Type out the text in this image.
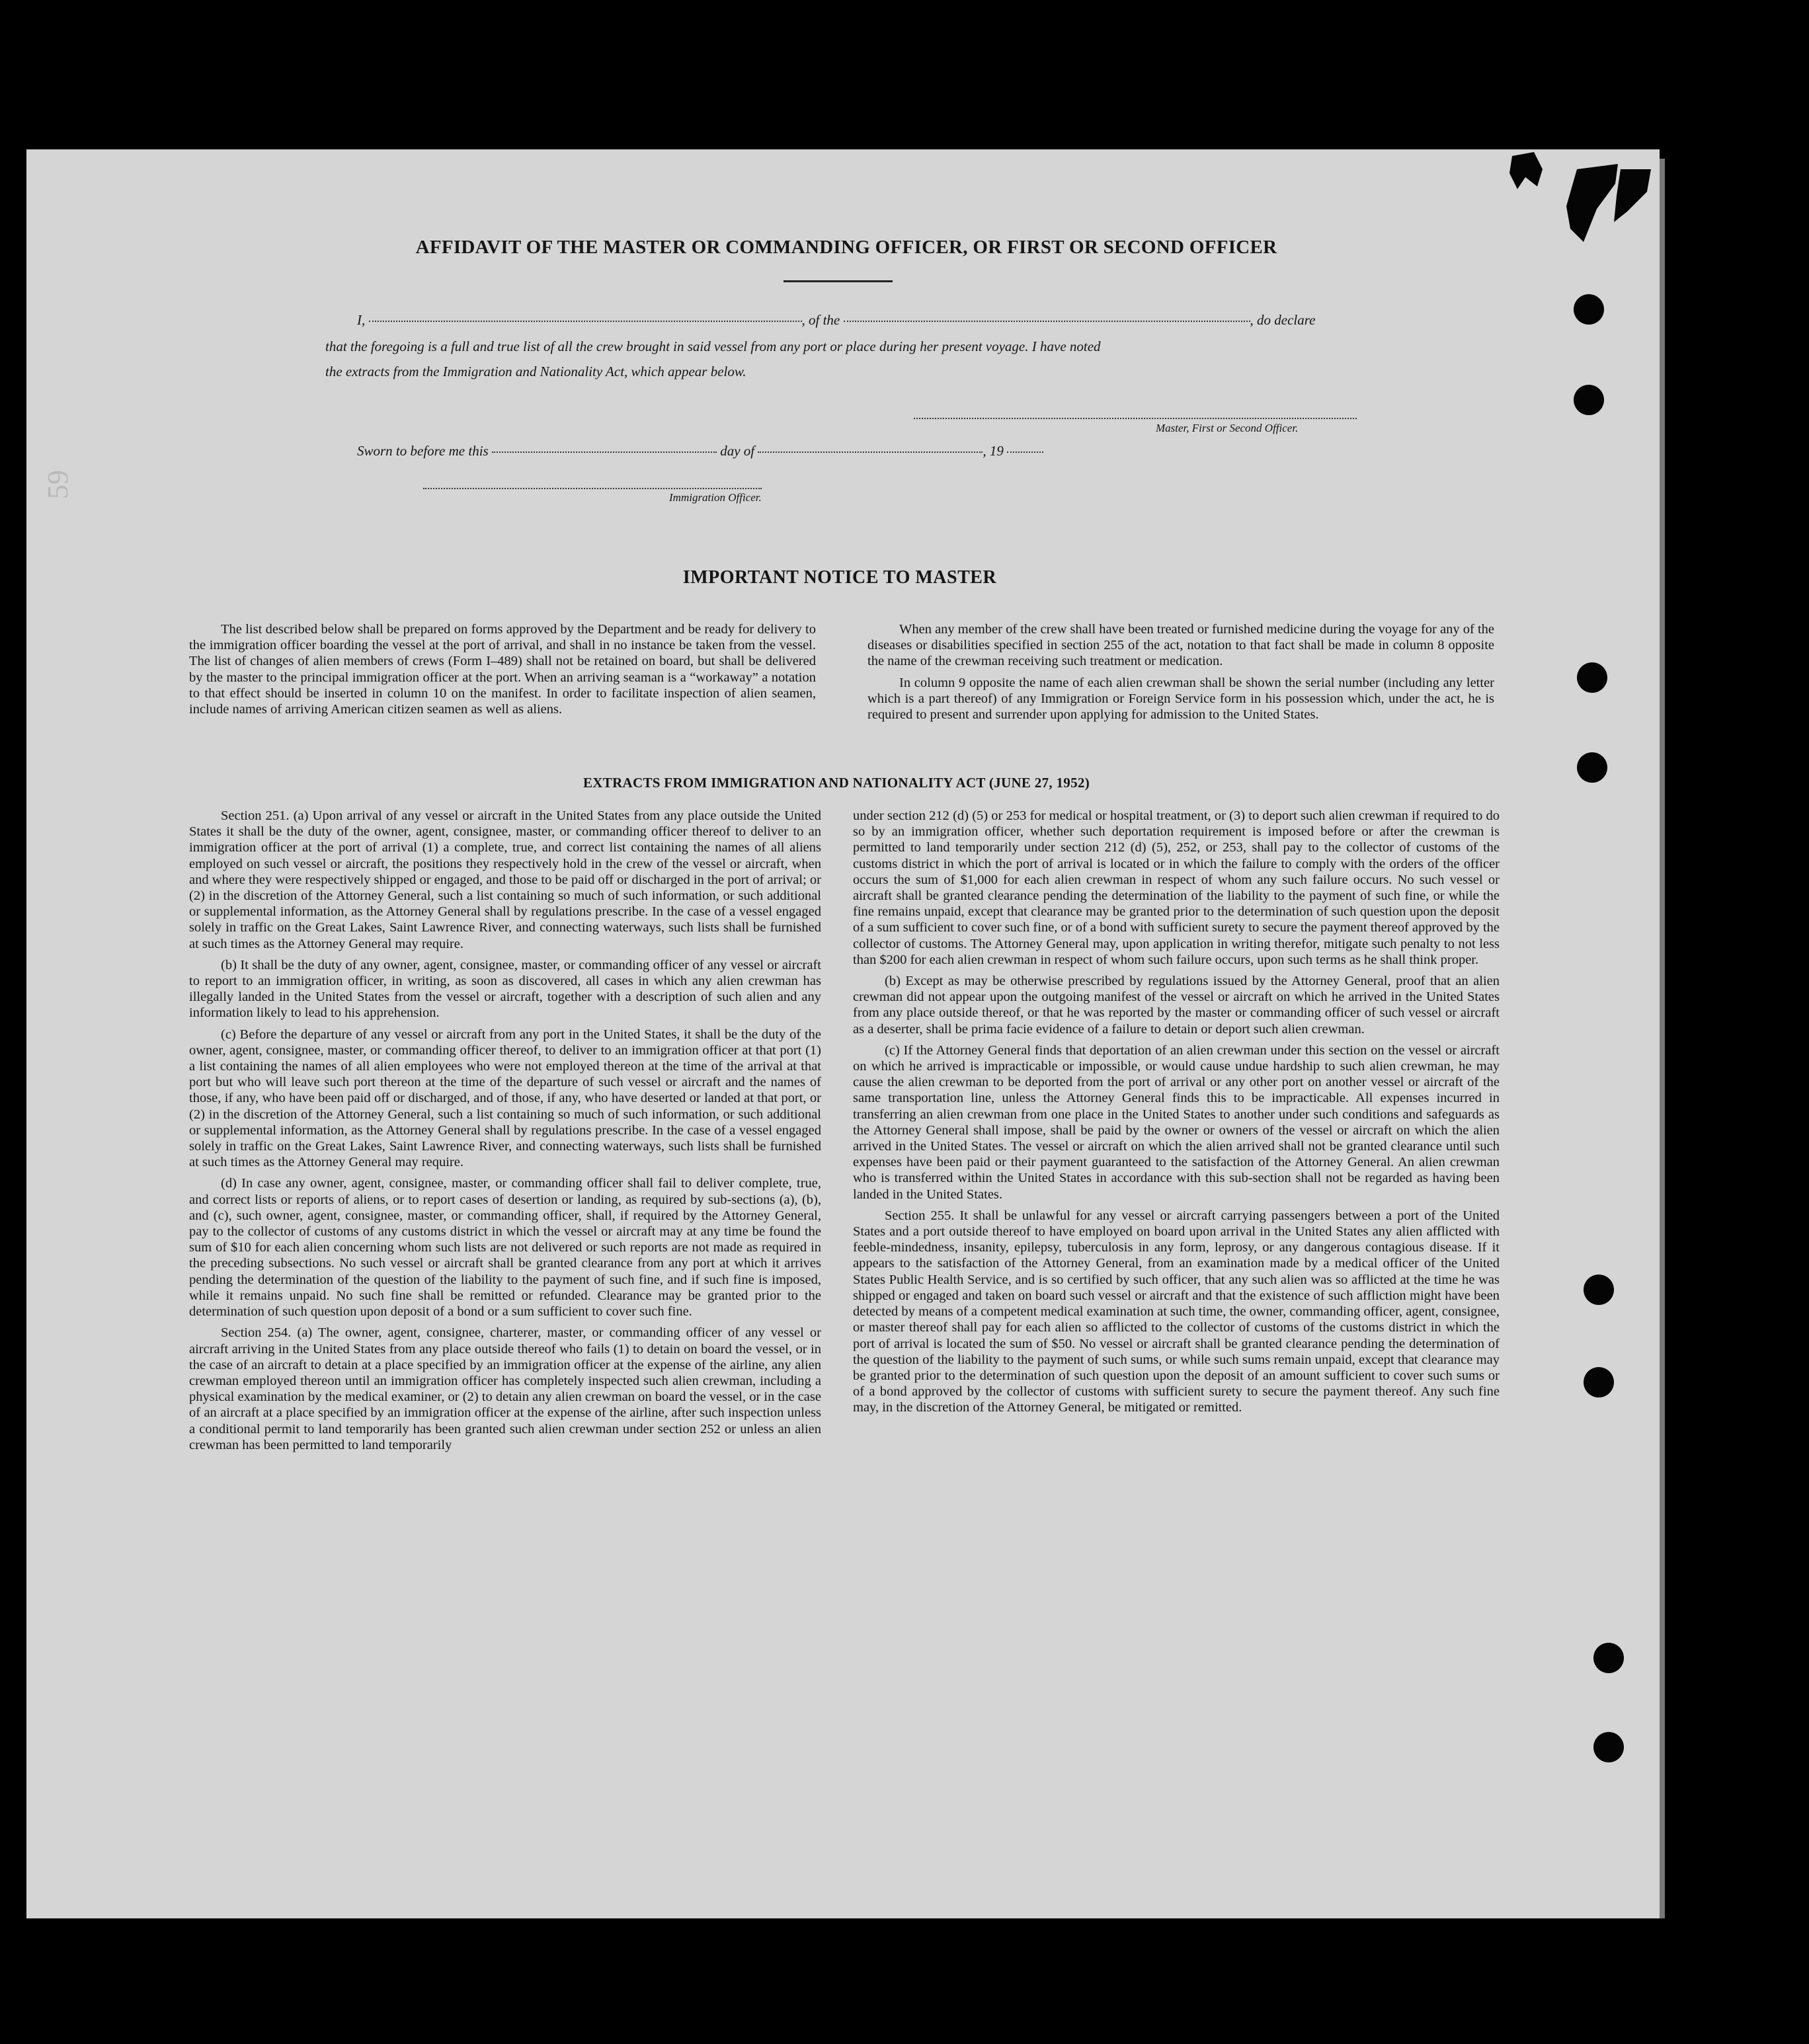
59
AFFIDAVIT OF THE MASTER OR COMMANDING OFFICER, OR FIRST OR SECOND OFFICER
I,	, of the	, do declare
that the foregoing is a full and true list of all the crew brought in said vessel from any port or place during her present voyage. I have noted
the extracts from the Immigration and Nationality Act, which appear below.
Master, First or Second Officer.
Sworn to before me this	day of	, 19
Immigration Officer.
IMPORTANT NOTICE TO MASTER

The list described below shall be prepared on forms approved by the Department and be ready for delivery to the immigration officer boarding the vessel at the port of arrival, and shall in no instance be taken from the vessel. The list of changes of alien members of crews (Form I–489) shall not be retained on board, but shall be delivered by the master to the principal immigration officer at the port. When an arriving seaman is a “workaway” a notation to that effect should be inserted in column 10 on the manifest. In order to facilitate inspection of alien seamen, include names of arriving American citizen seamen as well as aliens.

When any member of the crew shall have been treated or furnished medicine during the voyage for any of the diseases or disabilities specified in section 255 of the act, notation to that fact shall be made in column 8 opposite the name of the crewman receiving such treatment or medication.

In column 9 opposite the name of each alien crewman shall be shown the serial number (including any letter which is a part thereof) of any Immigration or Foreign Service form in his possession which, under the act, he is required to present and surrender upon applying for admission to the United States.

EXTRACTS FROM IMMIGRATION AND NATIONALITY ACT (JUNE 27, 1952)

Section 251. (a) Upon arrival of any vessel or aircraft in the United States from any place outside the United States it shall be the duty of the owner, agent, consignee, master, or commanding officer thereof to deliver to an immigration officer at the port of arrival (1) a complete, true, and correct list containing the names of all aliens employed on such vessel or aircraft, the positions they respectively hold in the crew of the vessel or aircraft, when and where they were respectively shipped or engaged, and those to be paid off or discharged in the port of arrival; or (2) in the discretion of the Attorney General, such a list containing so much of such information, or such additional or supplemental information, as the Attorney General shall by regulations prescribe. In the case of a vessel engaged solely in traffic on the Great Lakes, Saint Lawrence River, and connecting waterways, such lists shall be furnished at such times as the Attorney General may require.

(b) It shall be the duty of any owner, agent, consignee, master, or commanding officer of any vessel or aircraft to report to an immigration officer, in writing, as soon as discovered, all cases in which any alien crewman has illegally landed in the United States from the vessel or aircraft, together with a description of such alien and any information likely to lead to his apprehension.

(c) Before the departure of any vessel or aircraft from any port in the United States, it shall be the duty of the owner, agent, consignee, master, or commanding officer thereof, to deliver to an immigration officer at that port (1) a list containing the names of all alien employees who were not employed thereon at the time of the arrival at that port but who will leave such port thereon at the time of the departure of such vessel or aircraft and the names of those, if any, who have been paid off or discharged, and of those, if any, who have deserted or landed at that port, or (2) in the discretion of the Attorney General, such a list containing so much of such information, or such additional or supplemental information, as the Attorney General shall by regulations prescribe. In the case of a vessel engaged solely in traffic on the Great Lakes, Saint Lawrence River, and connecting waterways, such lists shall be furnished at such times as the Attorney General may require.

(d) In case any owner, agent, consignee, master, or commanding officer shall fail to deliver complete, true, and correct lists or reports of aliens, or to report cases of desertion or landing, as required by sub-sections (a), (b), and (c), such owner, agent, consignee, master, or commanding officer, shall, if required by the Attorney General, pay to the collector of customs of any customs district in which the vessel or aircraft may at any time be found the sum of $10 for each alien concerning whom such lists are not delivered or such reports are not made as required in the preceding subsections. No such vessel or aircraft shall be granted clearance from any port at which it arrives pending the determination of the question of the liability to the payment of such fine, and if such fine is imposed, while it remains unpaid. No such fine shall be remitted or refunded. Clearance may be granted prior to the determination of such question upon deposit of a bond or a sum sufficient to cover such fine.

Section 254. (a) The owner, agent, consignee, charterer, master, or commanding officer of any vessel or aircraft arriving in the United States from any place outside thereof who fails (1) to detain on board the vessel, or in the case of an aircraft to detain at a place specified by an immigration officer at the expense of the airline, any alien crewman employed thereon until an immigration officer has completely inspected such alien crewman, including a physical examination by the medical examiner, or (2) to detain any alien crewman on board the vessel, or in the case of an aircraft at a place specified by an immigration officer at the expense of the airline, after such inspection unless a conditional permit to land temporarily has been granted such alien crewman under section 252 or unless an alien crewman has been permitted to land temporarily

under section 212 (d) (5) or 253 for medical or hospital treatment, or (3) to deport such alien crewman if required to do so by an immigration officer, whether such deportation requirement is imposed before or after the crewman is permitted to land temporarily under section 212 (d) (5), 252, or 253, shall pay to the collector of customs of the customs district in which the port of arrival is located or in which the failure to comply with the orders of the officer occurs the sum of $1,000 for each alien crewman in respect of whom any such failure occurs. No such vessel or aircraft shall be granted clearance pending the determination of the liability to the payment of such fine, or while the fine remains unpaid, except that clearance may be granted prior to the determination of such question upon the deposit of a sum sufficient to cover such fine, or of a bond with sufficient surety to secure the payment thereof approved by the collector of customs. The Attorney General may, upon application in writing therefor, mitigate such penalty to not less than $200 for each alien crewman in respect of whom such failure occurs, upon such terms as he shall think proper.

(b) Except as may be otherwise prescribed by regulations issued by the Attorney General, proof that an alien crewman did not appear upon the outgoing manifest of the vessel or aircraft on which he arrived in the United States from any place outside thereof, or that he was reported by the master or commanding officer of such vessel or aircraft as a deserter, shall be prima facie evidence of a failure to detain or deport such alien crewman.

(c) If the Attorney General finds that deportation of an alien crewman under this section on the vessel or aircraft on which he arrived is impracticable or impossible, or would cause undue hardship to such alien crewman, he may cause the alien crewman to be deported from the port of arrival or any other port on another vessel or aircraft of the same transportation line, unless the Attorney General finds this to be impracticable. All expenses incurred in transferring an alien crewman from one place in the United States to another under such conditions and safeguards as the Attorney General shall impose, shall be paid by the owner or owners of the vessel or aircraft on which the alien arrived in the United States. The vessel or aircraft on which the alien arrived shall not be granted clearance until such expenses have been paid or their payment guaranteed to the satisfaction of the Attorney General. An alien crewman who is transferred within the United States in accordance with this sub-section shall not be regarded as having been landed in the United States.

Section 255. It shall be unlawful for any vessel or aircraft carrying passengers between a port of the United States and a port outside thereof to have employed on board upon arrival in the United States any alien afflicted with feeble-mindedness, insanity, epilepsy, tuberculosis in any form, leprosy, or any dangerous contagious disease. If it appears to the satisfaction of the Attorney General, from an examination made by a medical officer of the United States Public Health Service, and is so certified by such officer, that any such alien was so afflicted at the time he was shipped or engaged and taken on board such vessel or aircraft and that the existence of such affliction might have been detected by means of a competent medical examination at such time, the owner, commanding officer, agent, consignee, or master thereof shall pay for each alien so afflicted to the collector of customs of the customs district in which the port of arrival is located the sum of $50. No vessel or aircraft shall be granted clearance pending the determination of the question of the liability to the payment of such sums, or while such sums remain unpaid, except that clearance may be granted prior to the determination of such question upon the deposit of an amount sufficient to cover such sums or of a bond approved by the collector of customs with sufficient surety to secure the payment thereof. Any such fine may, in the discretion of the Attorney General, be mitigated or remitted.
